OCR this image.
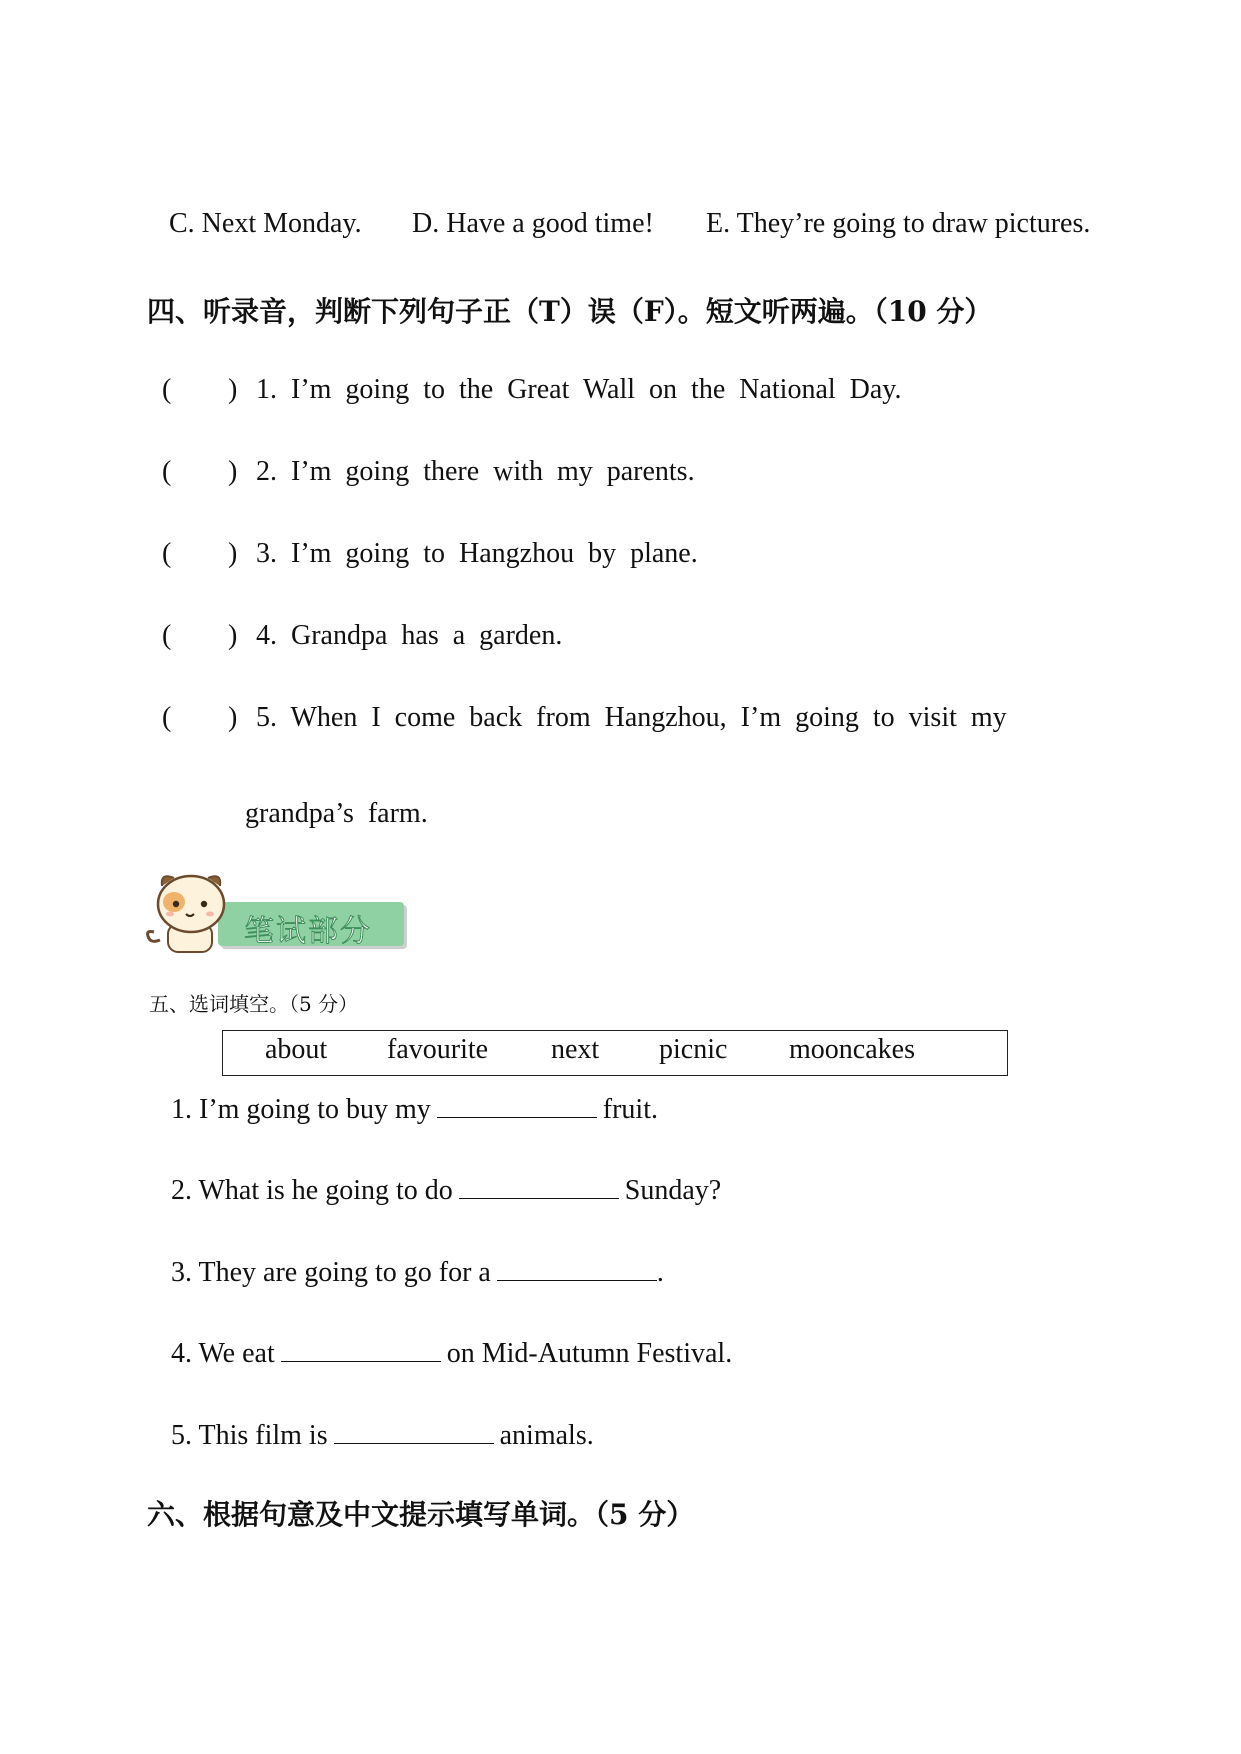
C. Next Monday. D. Have a good time! E. They’re going to draw pictures.
四、听录音，判断下列句子正（T）误（F）。短文听两遍。（10 分）
( ) 1. I’m going to the Great Wall on the National Day.
( ) 2. I’m going there with my parents.
( ) 3. I’m going to Hangzhou by plane.
( ) 4. Grandpa has a garden.
( ) 5. When I come back from Hangzhou, I’m going to visit my
grandpa’s farm.
笔试部分
五、选词填空。（5 分）
about favourite next picnic mooncakes
1. I’m going to buy my	fruit.
2. What is he going to do	Sunday?
3. They are going to go for a	.
4. We eat	on Mid-Autumn Festival.
5. This film is	animals.
六、根据句意及中文提示填写单词。（5 分）
